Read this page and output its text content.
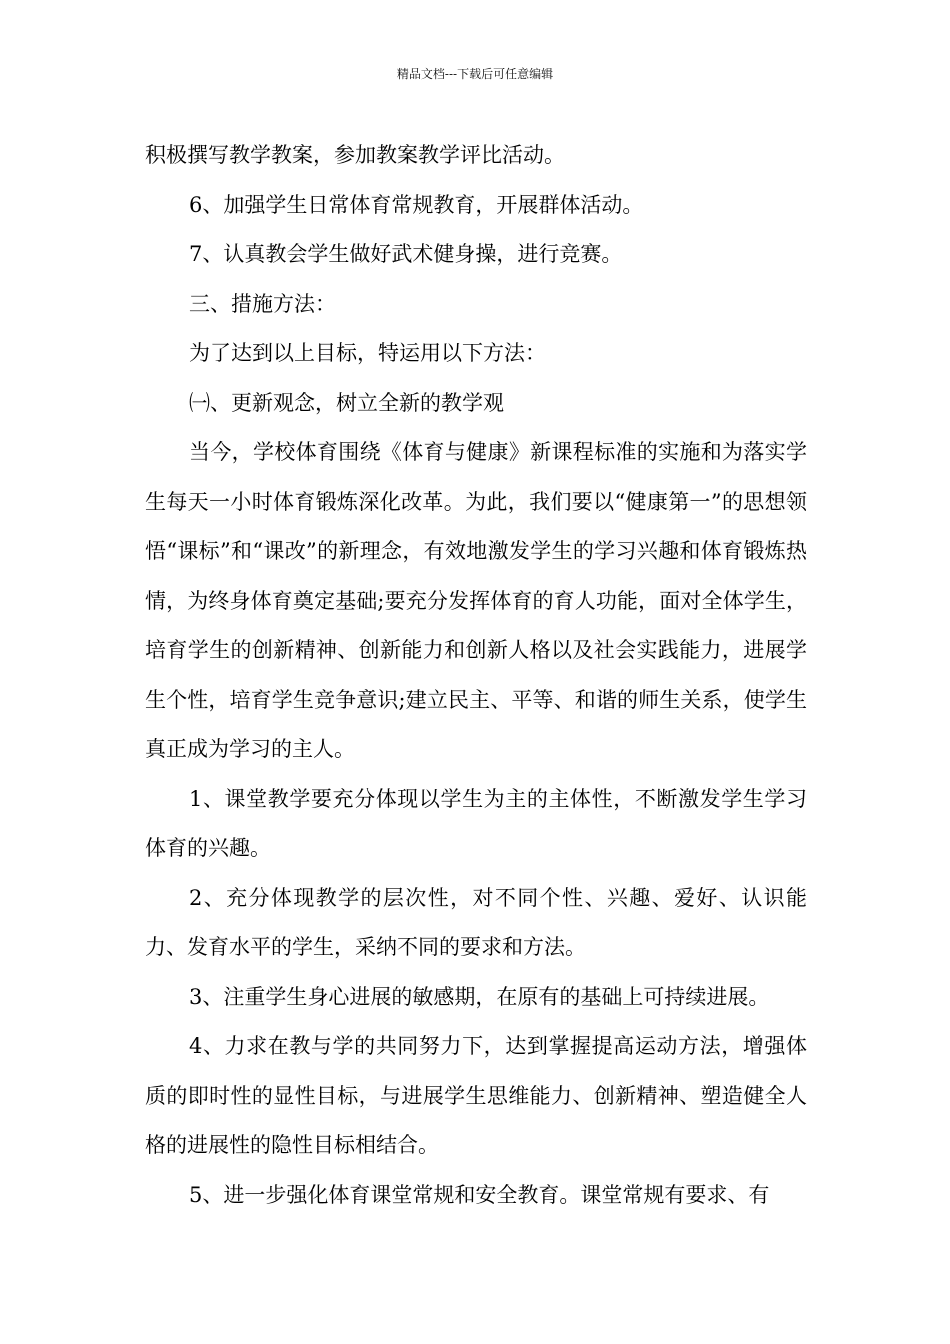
精品文档---下载后可任意编辑

积极撰写教学教案，参加教案教学评比活动。

6、加强学生日常体育常规教育，开展群体活动。

7、认真教会学生做好武术健身操，进行竞赛。

三、措施方法：

为了达到以上目标，特运用以下方法：

㈠、更新观念，树立全新的教学观

当今，学校体育围绕《体育与健康》新课程标准的实施和为落实学生每天一小时体育锻炼深化改革。为此，我们要以“健康第一”的思想领悟“课标”和“课改”的新理念，有效地激发学生的学习兴趣和体育锻炼热情，为终身体育奠定基础;要充分发挥体育的育人功能，面对全体学生，培育学生的创新精神、创新能力和创新人格以及社会实践能力，进展学生个性，培育学生竞争意识;建立民主、平等、和谐的师生关系，使学生真正成为学习的主人。

1、课堂教学要充分体现以学生为主的主体性，不断激发学生学习体育的兴趣。

2、充分体现教学的层次性，对不同个性、兴趣、爱好、认识能力、发育水平的学生，采纳不同的要求和方法。

3、注重学生身心进展的敏感期，在原有的基础上可持续进展。

4、力求在教与学的共同努力下，达到掌握提高运动方法，增强体质的即时性的显性目标，与进展学生思维能力、创新精神、塑造健全人格的进展性的隐性目标相结合。

5、进一步强化体育课堂常规和安全教育。课堂常规有要求、有
